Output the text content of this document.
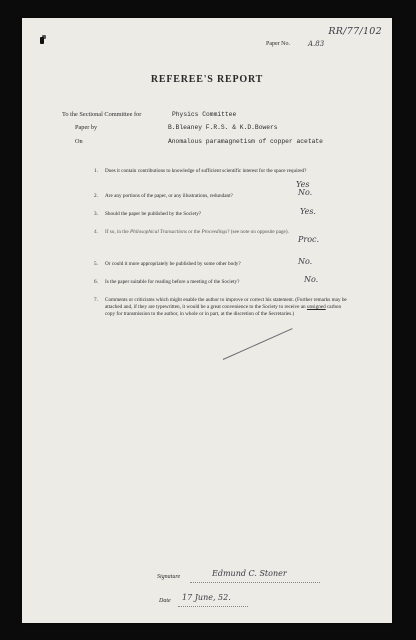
RR/77/102
Paper No.	A.83
REFEREE'S REPORT
To the Sectional Committee for	Physics Committee
Paper by	B.Bleaney F.R.S. & K.D.Bowers
On	Anomalous paramagnetism of copper acetate
1.	Does it contain contributions to knowledge of sufficient scientific interest for the space required?
Yes
2.	Are any portions of the paper, or any illustrations, redundant?	No.
3.	Should the paper be published by the Society?	Yes.
4.	If so, in the Philosophical Transactions or the Proceedings? (see note on opposite page).
Proc.
5.	Or could it more appropriately be published by some other body?	No.
6.	Is the paper suitable for reading before a meeting of the Society?	No.
7.	Comments or criticisms which might enable the author to improve or correct his statement. (Further remarks may be attached and, if they are typewritten, it would be a great convenience to the Society to receive an unsigned carbon copy for transmission to the author, in whole or in part, at the discretion of the Secretaries.)
Signature	Edmund C. Stoner
Date 17 June, 52.
